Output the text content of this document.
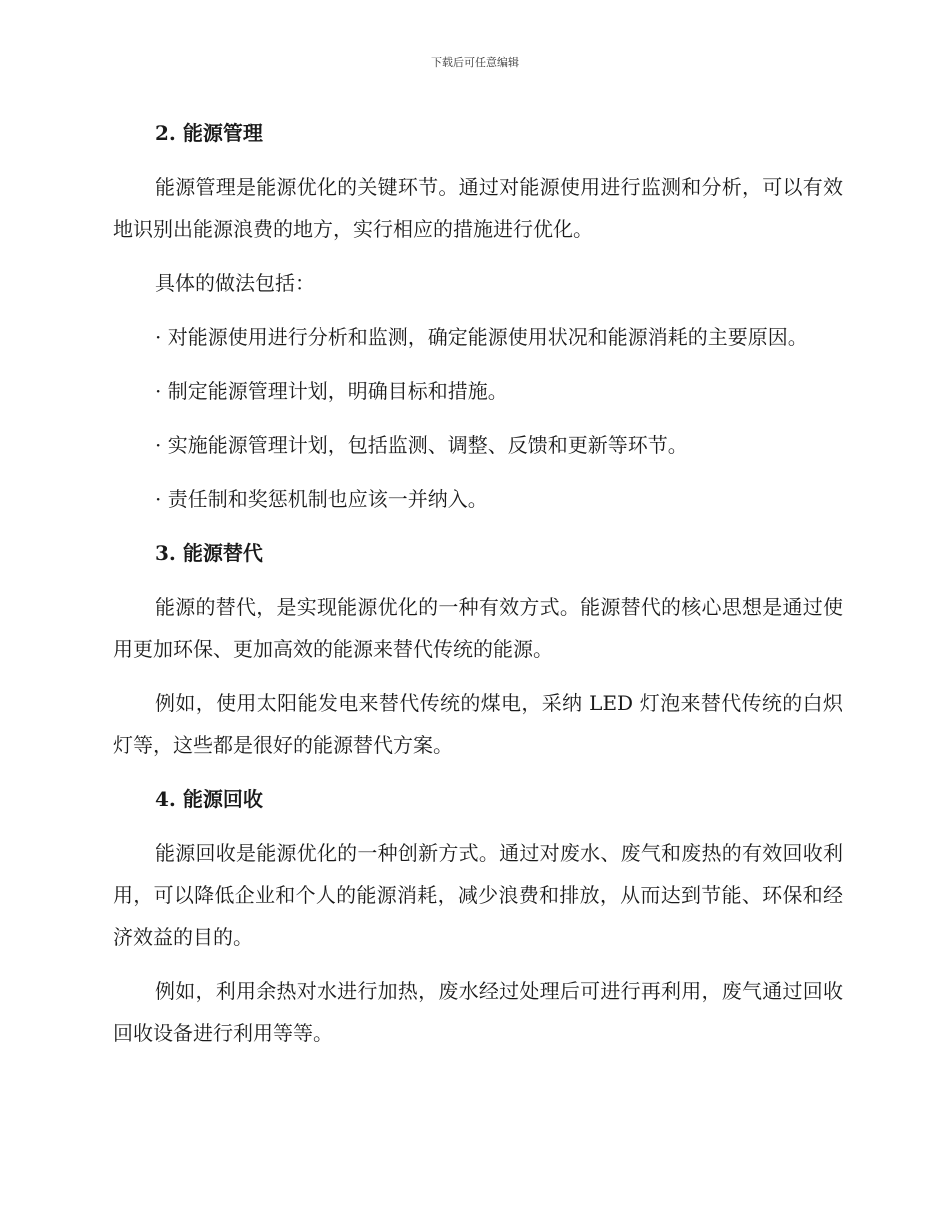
下载后可任意编辑
2. 能源管理
能源管理是能源优化的关键环节。通过对能源使用进行监测和分析，可以有效地识别出能源浪费的地方，实行相应的措施进行优化。
具体的做法包括：
· 对能源使用进行分析和监测，确定能源使用状况和能源消耗的主要原因。
· 制定能源管理计划，明确目标和措施。
· 实施能源管理计划，包括监测、调整、反馈和更新等环节。
· 责任制和奖惩机制也应该一并纳入。
3. 能源替代
能源的替代，是实现能源优化的一种有效方式。能源替代的核心思想是通过使用更加环保、更加高效的能源来替代传统的能源。
例如，使用太阳能发电来替代传统的煤电，采纳 LED 灯泡来替代传统的白炽灯等，这些都是很好的能源替代方案。
4. 能源回收
能源回收是能源优化的一种创新方式。通过对废水、废气和废热的有效回收利用，可以降低企业和个人的能源消耗，减少浪费和排放，从而达到节能、环保和经济效益的目的。
例如，利用余热对水进行加热，废水经过处理后可进行再利用，废气通过回收回收设备进行利用等等。
